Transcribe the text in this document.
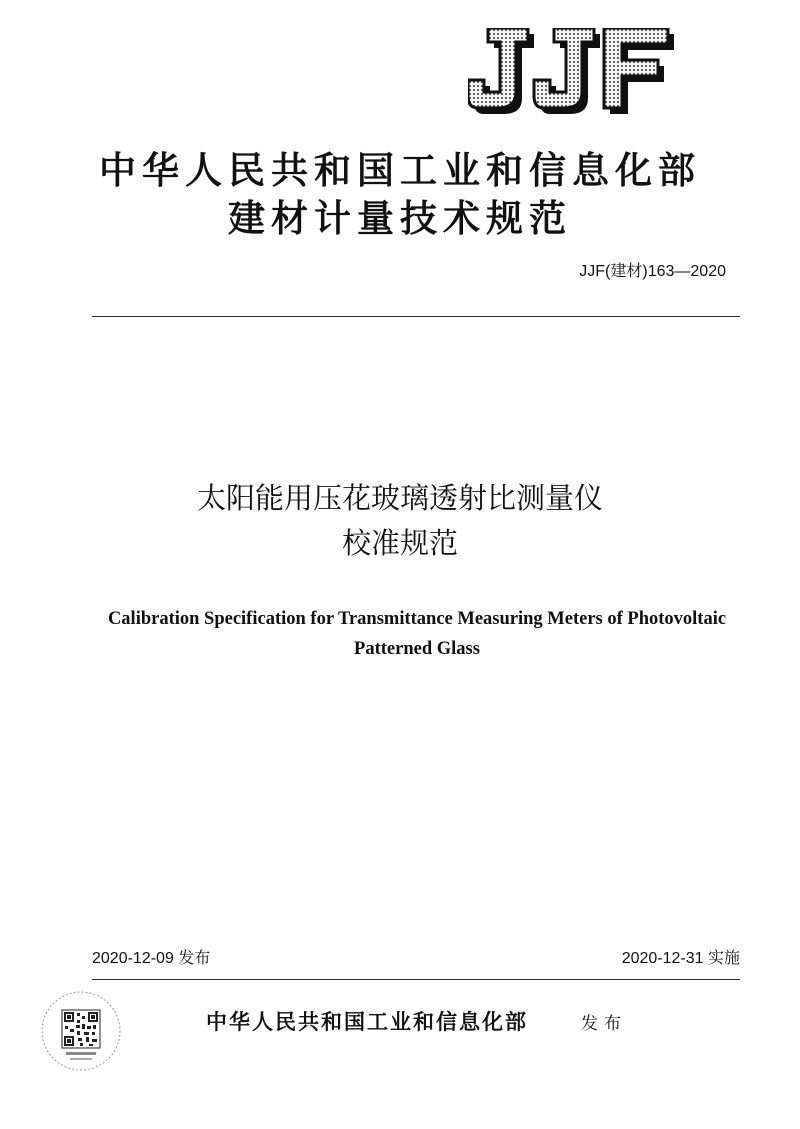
中华人民共和国工业和信息化部
建材计量技术规范
JJF(建材)163—2020
太阳能用压花玻璃透射比测量仪
校准规范
Calibration Specification for Transmittance Measuring Meters of Photovoltaic
Patterned Glass
2020-12-09 发布	2020-12-31 实施
中华人民共和国工业和信息化部	发布
